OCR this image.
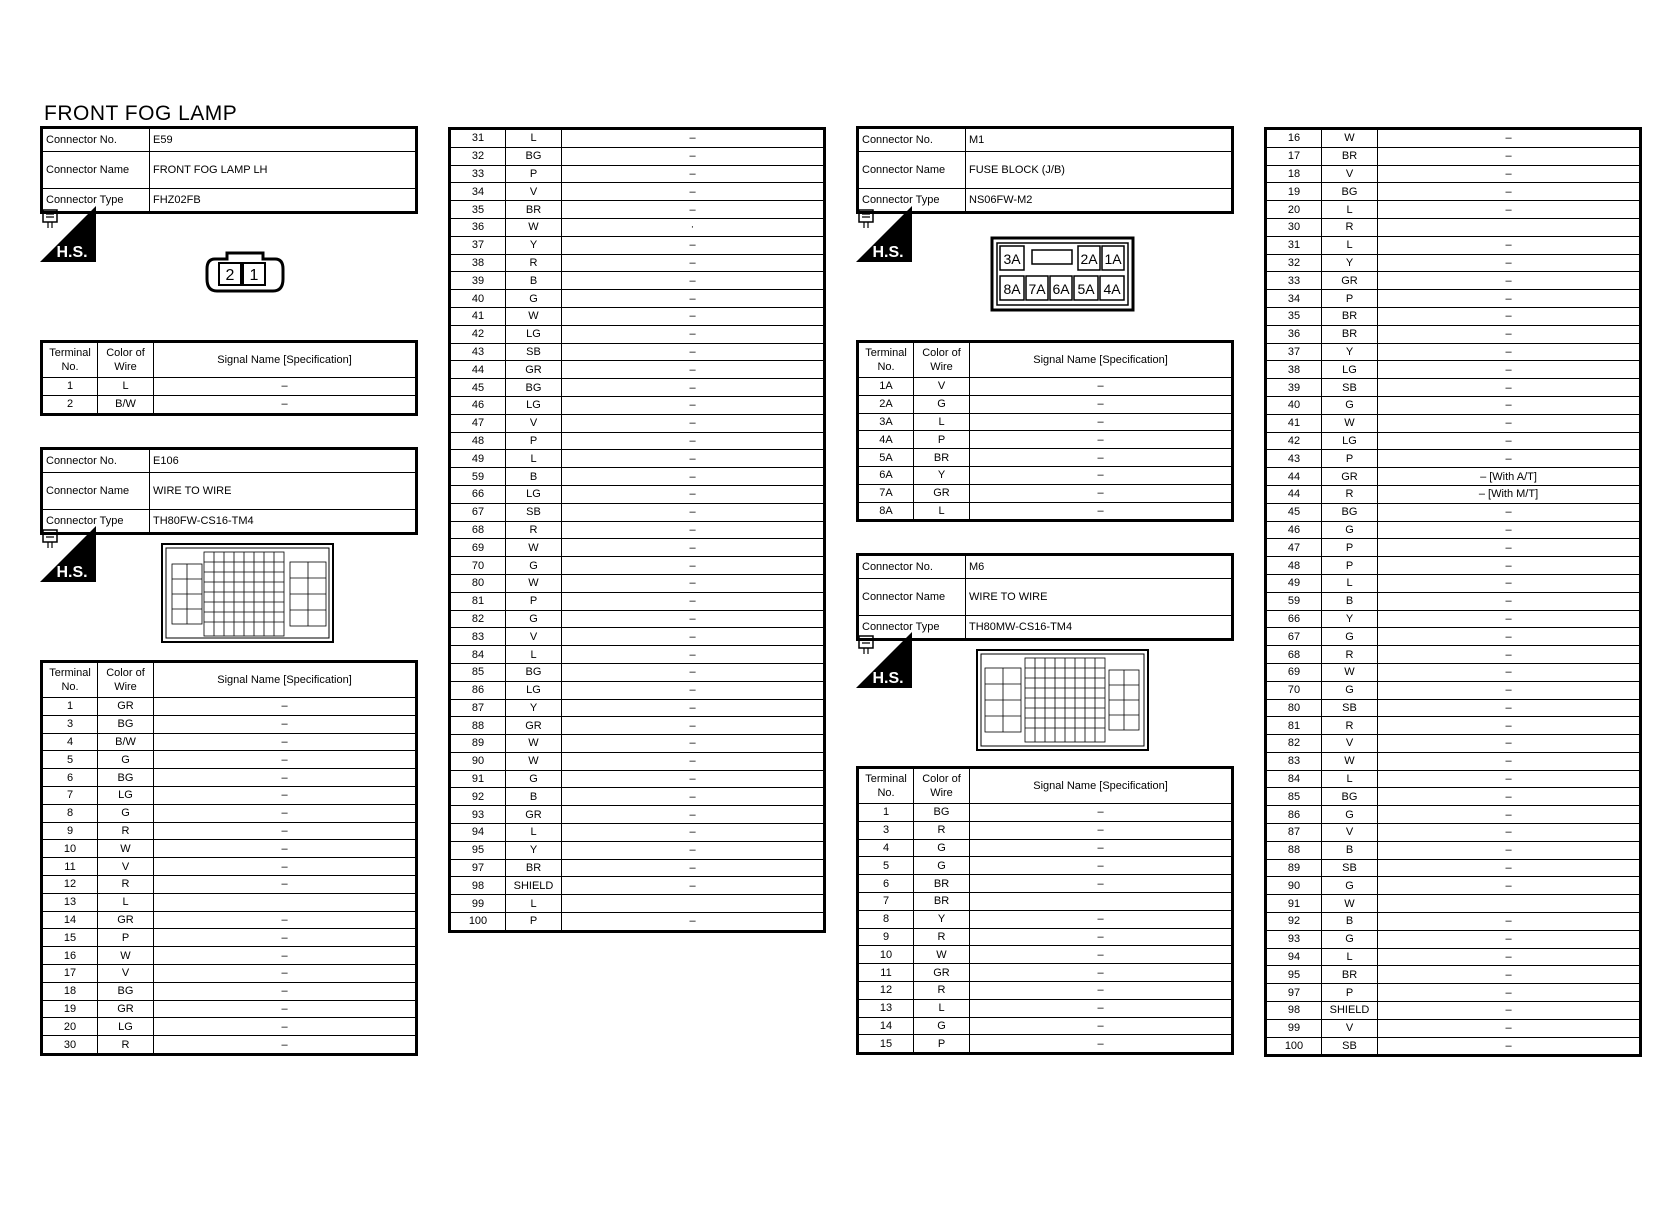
FRONT FOG LAMP
Connector No.	E59
Connector Name	FRONT FOG LAMP LH
Connector Type	FHZ02FB
H.S.
2 1
Terminal No.	Color of Wire	Signal Name [Specification]
1	L	–
2	B/W	–
Connector No.	E106
Connector Name	WIRE TO WIRE
Connector Type	TH80FW-CS16-TM4
H.S.
Terminal No.	Color of Wire	Signal Name [Specification]
1	GR	–
3	BG	–
4	B/W	–
5	G	–
6	BG	–
7	LG	–
8	G	–
9	R	–
10	W	–
11	V	–
12	R	–
13	L	
14	GR	–
15	P	–
16	W	–
17	V	–
18	BG	–
19	GR	–
20	LG	–
30	R	–
31	L	–
32	BG	–
33	P	–
34	V	–
35	BR	–
36	W	·
37	Y	–
38	R	–
39	B	–
40	G	–
41	W	–
42	LG	–
43	SB	–
44	GR	–
45	BG	–
46	LG	–
47	V	–
48	P	–
49	L	–
59	B	–
66	LG	–
67	SB	–
68	R	–
69	W	–
70	G	–
80	W	–
81	P	–
82	G	–
83	V	–
84	L	–
85	BG	–
86	LG	–
87	Y	–
88	GR	–
89	W	–
90	W	–
91	G	–
92	B	–
93	GR	–
94	L	–
95	Y	–
97	BR	–
98	SHIELD	–
99	L	
100	P	–
Connector No.	M1
Connector Name	FUSE BLOCK (J/B)
Connector Type	NS06FW-M2
H.S.	3A	2A 1A
8A 7A 6A 5A 4A
Terminal No.	Color of Wire	Signal Name [Specification]
1A	V	–
2A	G	–
3A	L	–
4A	P	–
5A	BR	–
6A	Y	–
7A	GR	–
8A	L	–
Connector No.	M6
Connector Name	WIRE TO WIRE
Connector Type	TH80MW-CS16-TM4
H.S.
Terminal No.	Color of Wire	Signal Name [Specification]
1	BG	–
3	R	–
4	G	–
5	G	–
6	BR	–
7	BR	
8	Y	–
9	R	–
10	W	–
11	GR	–
12	R	–
13	L	–
14	G	–
15	P	–
16	W	–
17	BR	–
18	V	–
19	BG	–
20	L	–
30	R	
31	L	–
32	Y	–
33	GR	–
34	P	–
35	BR	–
36	BR	–
37	Y	–
38	LG	–
39	SB	–
40	G	–
41	W	–
42	LG	–
43	P	–
44	GR	– [With A/T]
44	R	– [With M/T]
45	BG	–
46	G	–
47	P	–
48	P	–
49	L	–
59	B	–
66	Y	–
67	G	–
68	R	–
69	W	–
70	G	–
80	SB	–
81	R	–
82	V	–
83	W	–
84	L	–
85	BG	–
86	G	–
87	V	–
88	B	–
89	SB	–
90	G	–
91	W	
92	B	–
93	G	–
94	L	–
95	BR	–
97	P	–
98	SHIELD	–
99	V	–
100	SB	–
